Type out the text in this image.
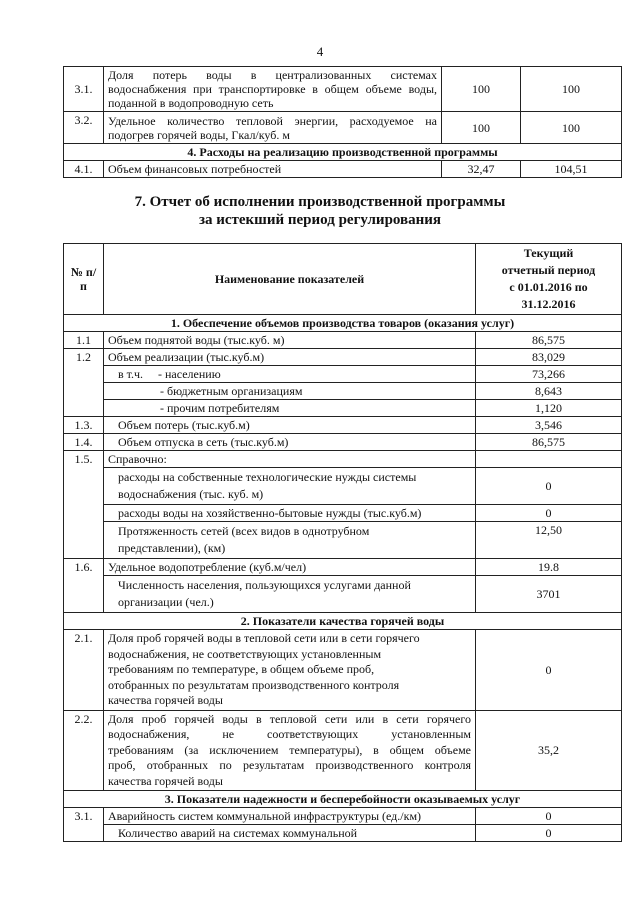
4
3.1.	Доля потерь воды в централизованных системах водоснабжения при транспортировке в общем объеме воды, поданной в водопроводную сеть	100	100
3.2.	Удельное количество тепловой энергии, расходуемое на подогрев горячей воды, Гкал/куб. м	100	100
4. Расходы на реализацию производственной программы			
4.1.	Объем финансовых потребностей	32,47	104,51
7. Отчет об исполнении производственной программы
за истекший период регулирования
№ п/п	Наименование показателей	Текущий
отчетный период
с 01.01.2016 по
31.12.2016

1. Обеспечение объемов производства товаров (оказания услуг)		
1.1	Объем поднятой воды (тыс.куб. м)	86,575
1.2	Объем реализации (тыс.куб.м)	83,029
	в т.ч. - населению	73,266
	- бюджетным организациям	8,643
	- прочим потребителям	1,120
1.3.	Объем потерь (тыс.куб.м)	3,546
1.4.	Объем отпуска в сеть (тыс.куб.м)	86,575
1.5.	Справочно:	

	расходы на собственные технологические нужды системы
водоснабжения (тыс. куб. м)	0
	расходы воды на хозяйственно-бытовые нужды (тыс.куб.м)	0

	Протяженность сетей (всех видов в однотрубном
представлении), (км)	12,50
1.6.	Удельное водопотребление (куб.м/чел)	19.8

	Численность населения, пользующихся услугами данной
организации (чел.)	3701
2. Показатели качества горячей воды		
2.1.	Доля проб горячей воды в тепловой сети или в сети горячего
водоснабжения, не соответствующих установленным
требованиям по температуре, в общем объеме проб,
отобранных по результатам производственного контроля
качества горячей воды	0
2.2.	Доля проб горячей воды в тепловой сети или в сети горячего
водоснабжения, не соответствующих установленным
требованиям (за исключением температуры), в общем объеме
проб, отобранных по результатам производственного контроля
качества горячей воды	35,2
3. Показатели надежности и бесперебойности оказываемых услуг		
3.1.	Аварийность систем коммунальной инфраструктуры (ед./км)	0
	Количество аварий на системах коммунальной	0
